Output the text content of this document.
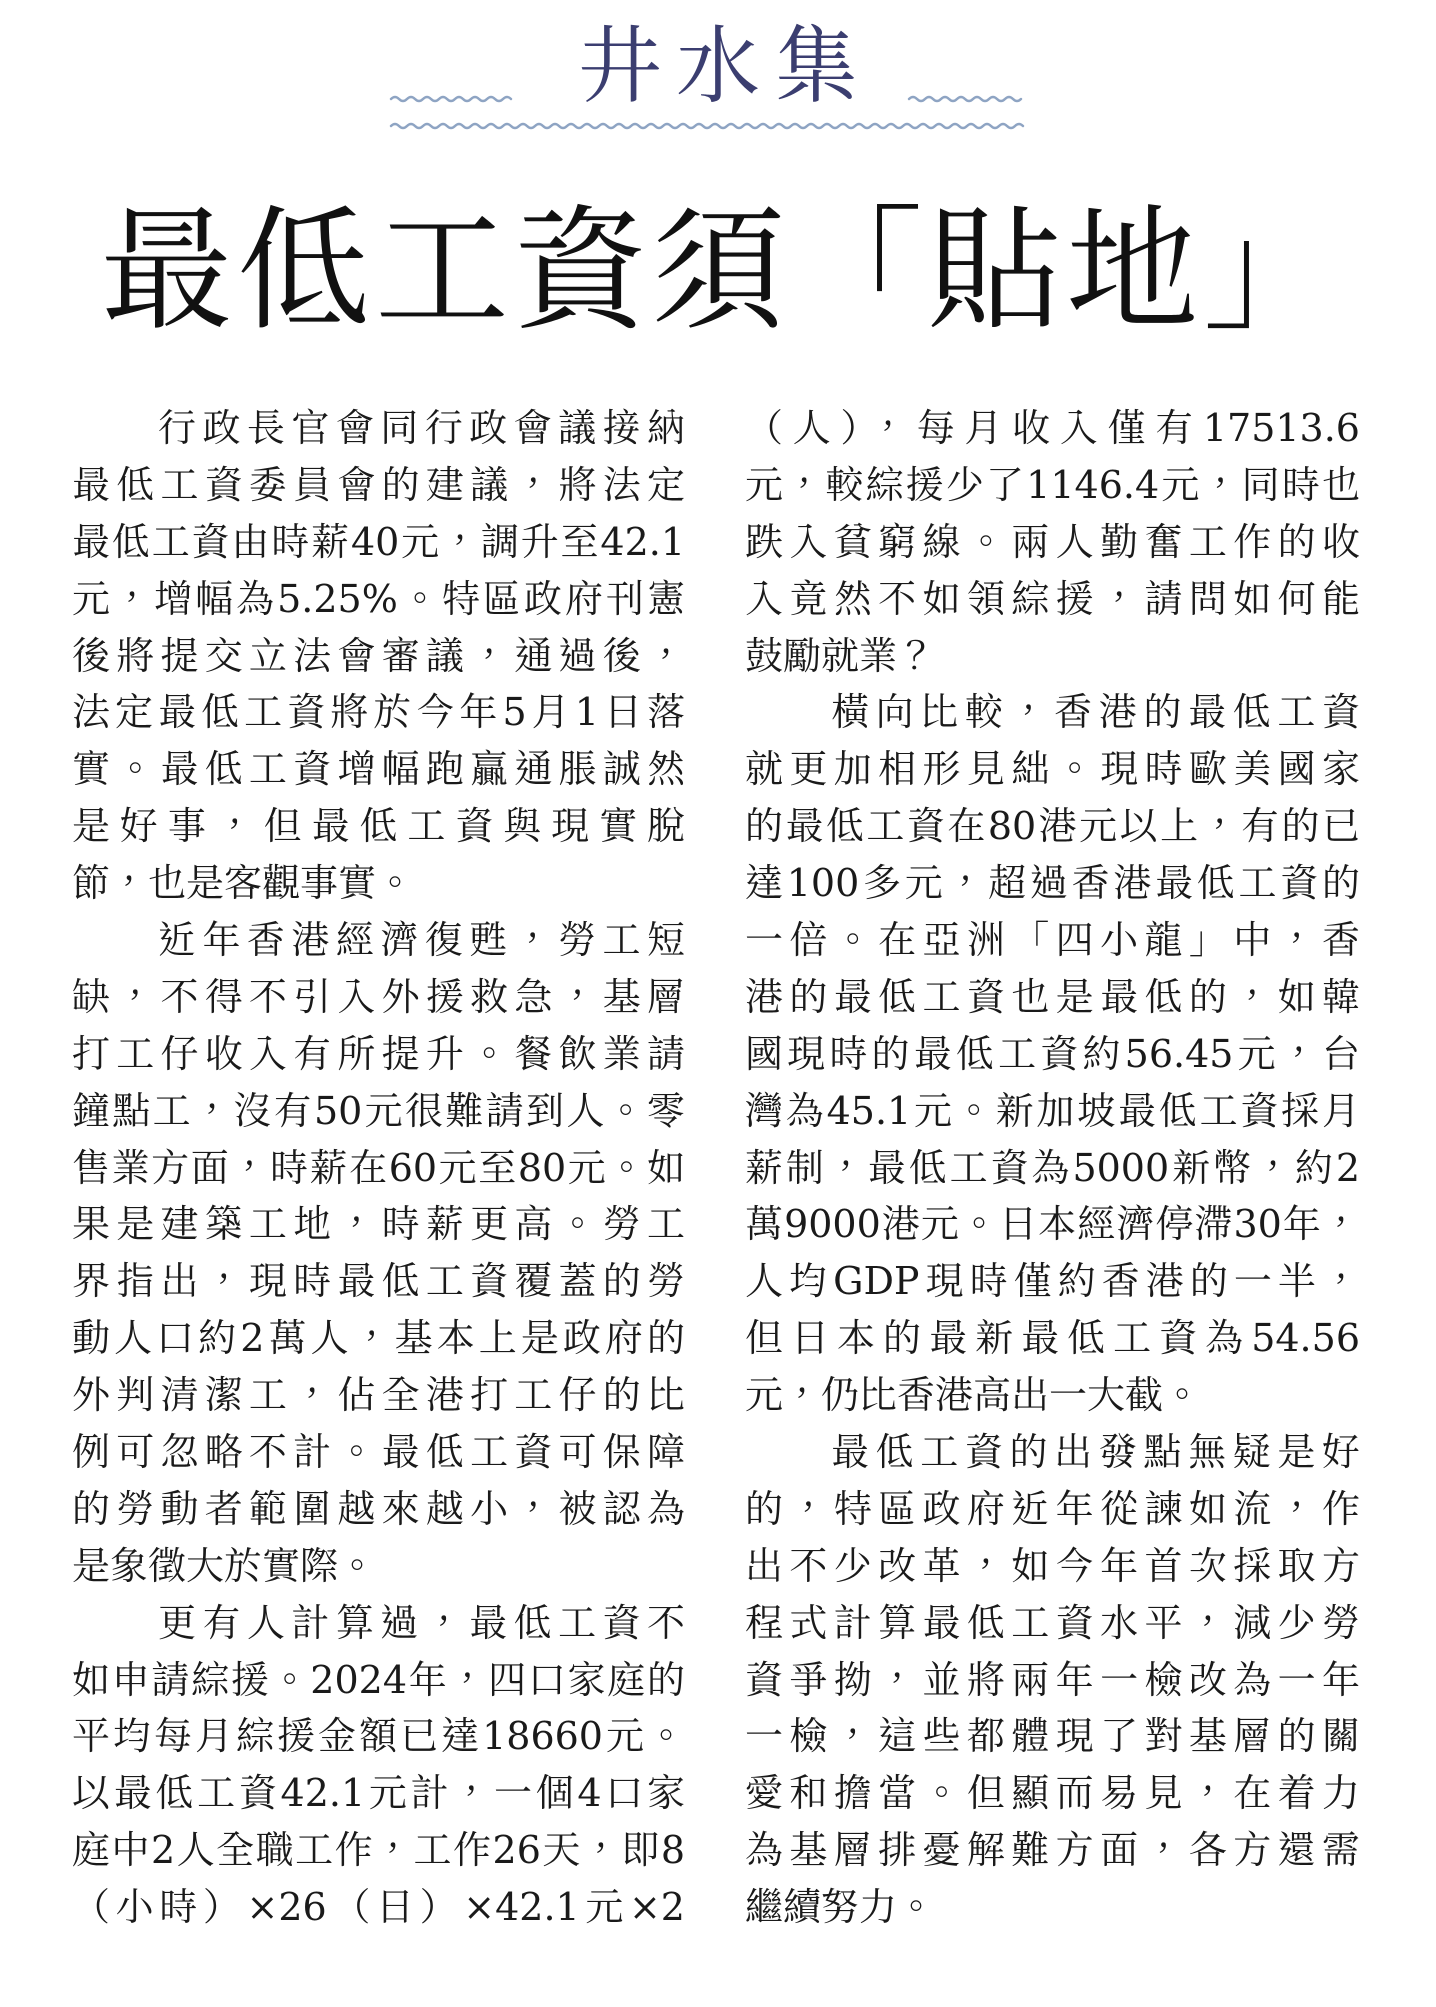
井水集
最低工資須「貼地」
行政長官會同行政會議接納
最低工資委員會的建議，將法定
最低工資由時薪40元，調升至42.1
元，增幅為5.25%。特區政府刊憲
後將提交立法會審議，通過後，
法定最低工資將於今年5月1日落
實。最低工資增幅跑贏通脹誠然
是好事，但最低工資與現實脫
節，也是客觀事實。
近年香港經濟復甦，勞工短
缺，不得不引入外援救急，基層
打工仔收入有所提升。餐飲業請
鐘點工，沒有50元很難請到人。零
售業方面，時薪在60元至80元。如
果是建築工地，時薪更高。勞工
界指出，現時最低工資覆蓋的勞
動人口約2萬人，基本上是政府的
外判清潔工，佔全港打工仔的比
例可忽略不計。最低工資可保障
的勞動者範圍越來越小，被認為
是象徵大於實際。
更有人計算過，最低工資不
如申請綜援。2024年，四口家庭的
平均每月綜援金額已達18660元。
以最低工資42.1元計，一個4口家
庭中2人全職工作，工作26天，即8
（小時）×26（日）×42.1元×2
（人），每月收入僅有17513.6
元，較綜援少了1146.4元，同時也
跌入貧窮線。兩人勤奮工作的收
入竟然不如領綜援，請問如何能
鼓勵就業？
橫向比較，香港的最低工資
就更加相形見絀。現時歐美國家
的最低工資在80港元以上，有的已
達100多元，超過香港最低工資的
一倍。在亞洲「四小龍」中，香
港的最低工資也是最低的，如韓
國現時的最低工資約56.45元，台
灣為45.1元。新加坡最低工資採月
薪制，最低工資為5000新幣，約2
萬9000港元。日本經濟停滯30年，
人均GDP現時僅約香港的一半，
但日本的最新最低工資為54.56
元，仍比香港高出一大截。
最低工資的出發點無疑是好
的，特區政府近年從諫如流，作
出不少改革，如今年首次採取方
程式計算最低工資水平，減少勞
資爭拗，並將兩年一檢改為一年
一檢，這些都體現了對基層的關
愛和擔當。但顯而易見，在着力
為基層排憂解難方面，各方還需
繼續努力。
